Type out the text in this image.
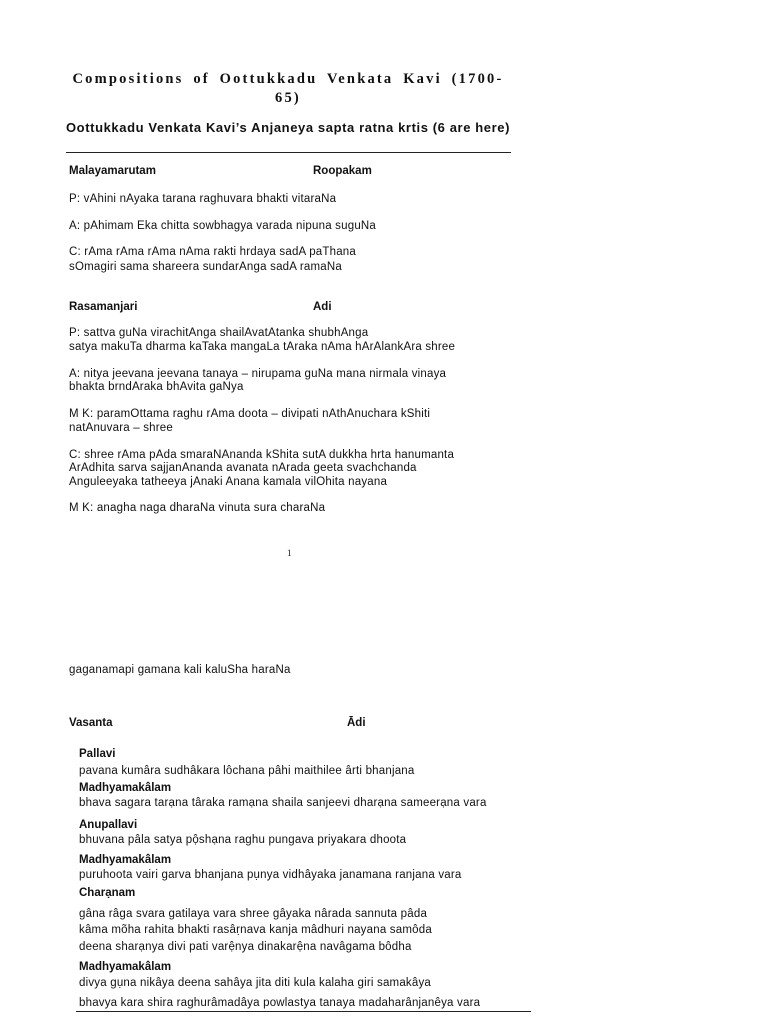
Compositions of Oottukkadu Venkata Kavi (1700-65)
Oottukkadu Venkata Kavi’s Anjaneya sapta ratna krtis (6 are here)
Malayamarutam	Roopakam
P: vAhini nAyaka tarana raghuvara bhakti vitaraNa
A: pAhimam Eka chitta sowbhagya varada nipuna suguNa
C: rAma rAma rAma nAma rakti hrdaya sadA paThana
sOmagiri sama shareera sundarAnga sadA ramaNa
Rasamanjari	Adi
P: sattva guNa virachitAnga shailAvatAtanka shubhAnga
satya makuTa dharma kaTaka mangaLa tAraka nAma hArAlankAra shree
A: nitya jeevana jeevana tanaya – nirupama guNa mana nirmala vinaya
bhakta brndAraka bhAvita gaNya
M K: paramOttama raghu rAma doota – divipati nAthAnuchara kShiti
natAnuvara – shree
C: shree rAma pAda smaraNAnanda kShita sutA dukkha hrta hanumanta
ArAdhita sarva sajjanAnanda avanata nArada geeta svachchanda
Anguleeyaka tatheeya jAnaki Anana kamala vilOhita nayana
M K: anagha naga dharaNa vinuta sura charaNa
1
gaganamapi gamana kali kaluSha haraNa
Vasanta	Ādi
Pallavi
pavana kumâra sudhâkara lôchana pâhi maithilee ârti bhanjana
Madhyamakâlam
bhava sagara tarạna târaka ramạna shaila sanjeevi dharạna sameerạna vara
Anupallavi
bhuvana pâla satya pộshạna raghu pungava priyakara dhoota
Madhyamakâlam
puruhoota vairi garva bhanjana pụnya vidhâyaka janamana ranjana vara
Charạnam
gâna râga svara gatilaya vara shree gâyaka nârada sannuta pâda
kâma mõha rahita bhakti rasâṛnava kanja mâdhuri nayana samôda
deena sharạnya divi pati varệnya dinakarệna navâgama bôdha
Madhyamakâlam
divya gụna nikâya deena sahâya jita diti kula kalaha giri samakâya
bhavya kara shira raghurâmadâya powlastya tanaya madaharânjanêya vara
